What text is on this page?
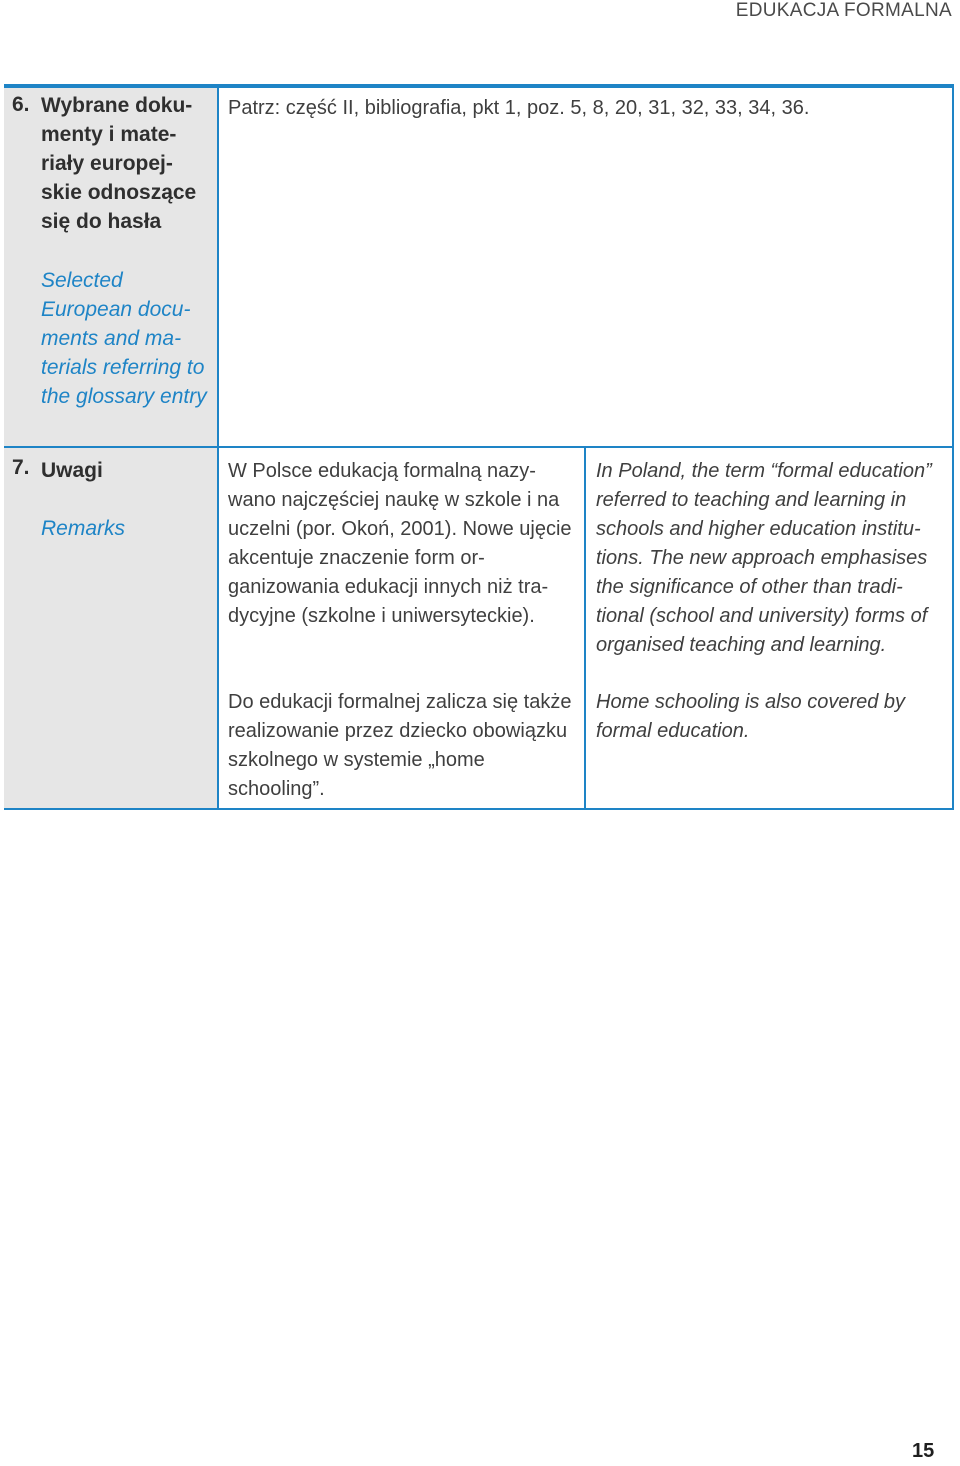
EDUKACJA FORMALNA
6. Wybrane doku-menty i mate-riały europej-skie odnoszące się do hasła
Selected European docu-ments and ma-terials referring to the glossary entry
Patrz: część II, bibliografia, pkt 1, poz. 5, 8, 20, 31, 32, 33, 34, 36.
7. Uwagi
Remarks
W Polsce edukacją formalną nazy-wano najczęściej naukę w szkole i na uczelni (por. Okoń, 2001). Nowe ujęcie akcentuje znaczenie form or-ganizowania edukacji innych niż tra-dycyjne (szkolne i uniwersyteckie).
Do edukacji formalnej zalicza się także realizowanie przez dziecko obowiązku szkolnego w systemie „home schooling”.
In Poland, the term “formal education” referred to teaching and learning in schools and higher education institu-tions. The new approach emphasises the significance of other than tradi-tional (school and university) forms of organised teaching and learning.
Home schooling is also covered by formal education.
15
